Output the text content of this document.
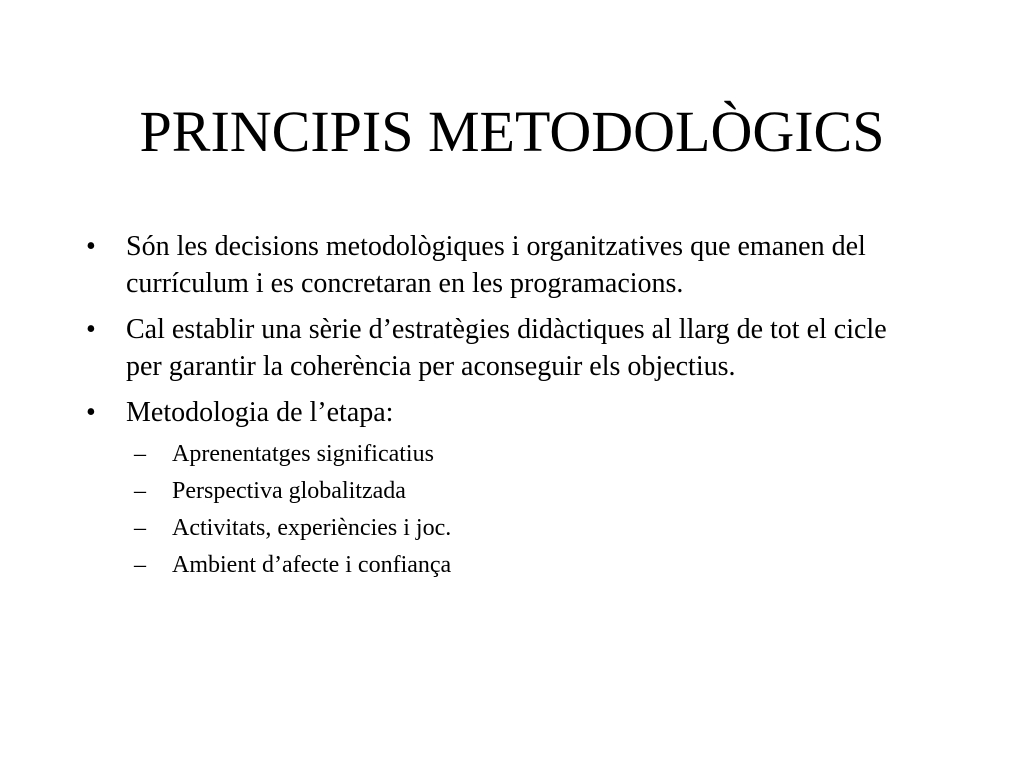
PRINCIPIS METODOLÒGICS
•	Són les decisions metodològiques i organitzatives que emanen del currículum i es concretaran en les programacions.
•	Cal establir una sèrie d’estratègies didàctiques al llarg de tot el cicle per garantir la coherència per aconseguir els objectius.
•	Metodologia de l’etapa:
–	Aprenentatges significatius
–	Perspectiva globalitzada
–	Activitats, experiències i joc.
–	Ambient d’afecte i confiança
